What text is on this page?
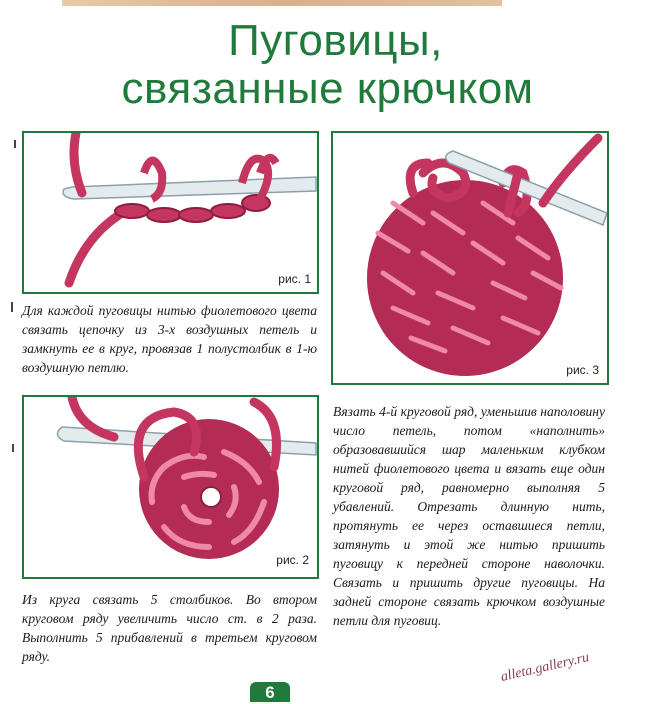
Пуговицы,
связанные крючком
рис. 1
рис. 3
рис. 2

Для каждой пуговицы нитью фиолетового цвета связать цепочку из 3-х воздушных петель и замкнуть ее в круг, провязав 1 полустолбик в 1-ю воздушную петлю.

Из круга связать 5 столбиков. Во втором круговом ряду увеличить число ст. в 2 раза. Выполнить 5 прибавлений в третьем круговом ряду.

Вязать 4-й круговой ряд, уменьшив наполовину число петель, потом «наполнить» образовавшийся шар маленьким клубком нитей фиолетового цвета и вязать еще один круговой ряд, равномерно выполняя 5 убавлений. Отрезать длинную нить, протянуть ее через оставшиеся петли, затянуть и этой же нитью пришить пуговицу к передней стороне наволочки. Связать и пришить другие пуговицы. На задней стороне связать крючком воздушные петли для пуговиц.

alleta.gallery.ru
6
